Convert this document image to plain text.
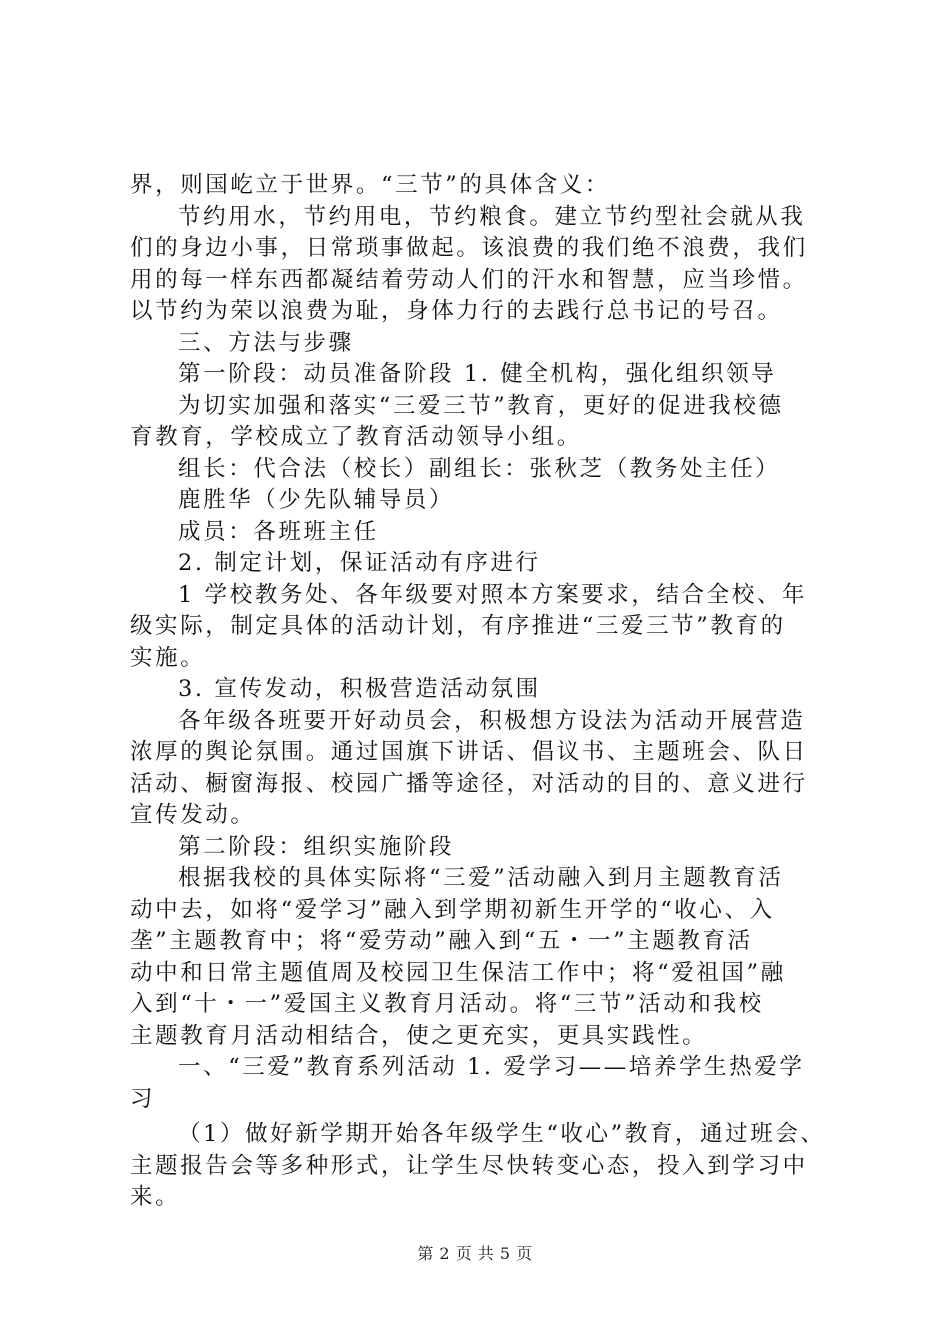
界，则国屹立于世界。“三节”的具体含义：
节约用水，节约用电，节约粮食。建立节约型社会就从我
们的身边小事，日常琐事做起。该浪费的我们绝不浪费，我们
用的每一样东西都凝结着劳动人们的汗水和智慧，应当珍惜。
以节约为荣以浪费为耻，身体力行的去践行总书记的号召。
三、方法与步骤
第一阶段：动员准备阶段 1. 健全机构，强化组织领导
为切实加强和落实“三爱三节”教育，更好的促进我校德
育教育，学校成立了教育活动领导小组。
组长：代合法（校长）副组长：张秋芝（教务处主任）
鹿胜华（少先队辅导员）
成员：各班班主任
2. 制定计划，保证活动有序进行
1 学校教务处、各年级要对照本方案要求，结合全校、年
级实际，制定具体的活动计划，有序推进“三爱三节”教育的
实施。
3. 宣传发动，积极营造活动氛围
各年级各班要开好动员会，积极想方设法为活动开展营造
浓厚的舆论氛围。通过国旗下讲话、倡议书、主题班会、队日
活动、橱窗海报、校园广播等途径，对活动的目的、意义进行
宣传发动。
第二阶段：组织实施阶段
根据我校的具体实际将“三爱”活动融入到月主题教育活
动中去，如将“爱学习”融入到学期初新生开学的“收心、入
垄”主题教育中；将“爱劳动”融入到“五・一”主题教育活
动中和日常主题值周及校园卫生保洁工作中；将“爱祖国”融
入到“十・一”爱国主义教育月活动。将“三节”活动和我校
主题教育月活动相结合，使之更充实，更具实践性。
一、“三爱”教育系列活动 1. 爱学习——培养学生热爱学
习
（1）做好新学期开始各年级学生“收心”教育，通过班会、
主题报告会等多种形式，让学生尽快转变心态，投入到学习中
来。
第 2 页 共 5 页
